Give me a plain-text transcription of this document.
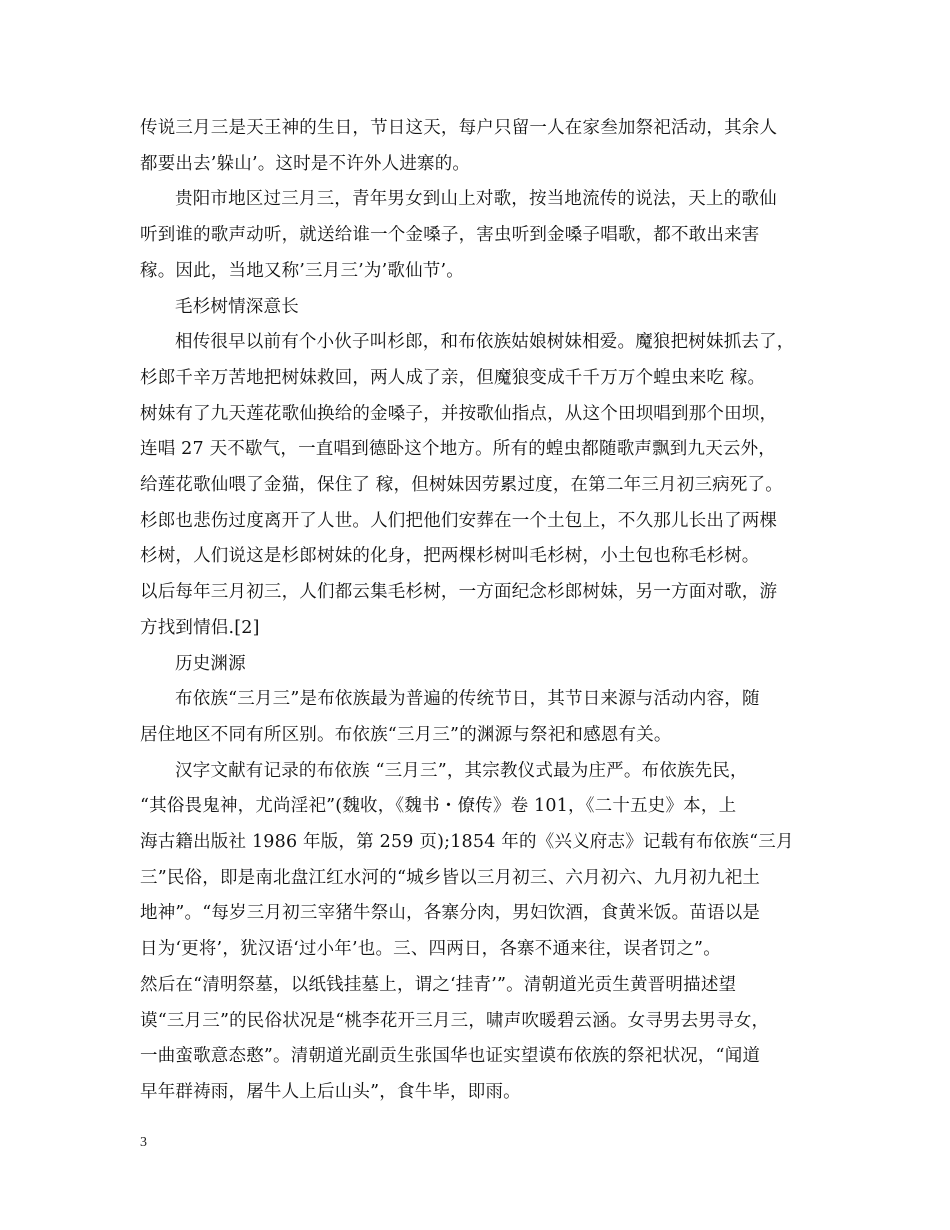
传说三月三是天王神的生日，节日这天，每户只留一人在家叁加祭祀活动，其余人
都要出去’躲山’。这时是不许外人进寨的。
贵阳市地区过三月三，青年男女到山上对歌，按当地流传的说法，天上的歌仙
听到谁的歌声动听，就送给谁一个金嗓子，害虫听到金嗓子唱歌，都不敢出来害
稼。因此，当地又称’三月三’为’歌仙节’。
毛杉树情深意长
相传很早以前有个小伙子叫杉郎，和布依族姑娘树妹相爱。魔狼把树妹抓去了，
杉郎千辛万苦地把树妹救回，两人成了亲，但魔狼变成千千万万个蝗虫来吃 稼。
树妹有了九天莲花歌仙换给的金嗓子，并按歌仙指点，从这个田坝唱到那个田坝，
连唱 27 天不歇气，一直唱到德卧这个地方。所有的蝗虫都随歌声飘到九天云外，
给莲花歌仙喂了金猫，保住了 稼，但树妹因劳累过度，在第二年三月初三病死了。
杉郎也悲伤过度离开了人世。人们把他们安葬在一个土包上，不久那儿长出了两棵
杉树，人们说这是杉郎树妹的化身，把两棵杉树叫毛杉树，小土包也称毛杉树。
以后每年三月初三，人们都云集毛杉树，一方面纪念杉郎树妹，另一方面对歌，游
方找到情侣.[2]
历史渊源
布依族“三月三”是布依族最为普遍的传统节日，其节日来源与活动内容，随
居住地区不同有所区别。布依族“三月三”的渊源与祭祀和感恩有关。
汉字文献有记录的布依族 “三月三”，其宗教仪式最为庄严。布依族先民，
“其俗畏鬼神，尤尚淫祀”(魏收，《魏书・僚传》卷 101，《二十五史》本，上
海古籍出版社 1986 年版，第 259 页);1854 年的《兴义府志》记载有布依族“三月
三”民俗，即是南北盘江红水河的“城乡皆以三月初三、六月初六、九月初九祀土
地神”。“每岁三月初三宰猪牛祭山，各寨分肉，男妇饮酒，食黄米饭。苗语以是
日为‘更将’，犹汉语‘过小年’也。三、四两日，各寨不通来往，误者罚之”。
然后在“清明祭墓，以纸钱挂墓上，谓之‘挂青’”。清朝道光贡生黄晋明描述望
谟“三月三”的民俗状况是“桃李花开三月三，啸声吹暖碧云涵。女寻男去男寻女，
一曲蛮歌意态憨”。清朝道光副贡生张国华也证实望谟布依族的祭祀状况，“闻道
早年群祷雨，屠牛人上后山头”，食牛毕，即雨。
3
